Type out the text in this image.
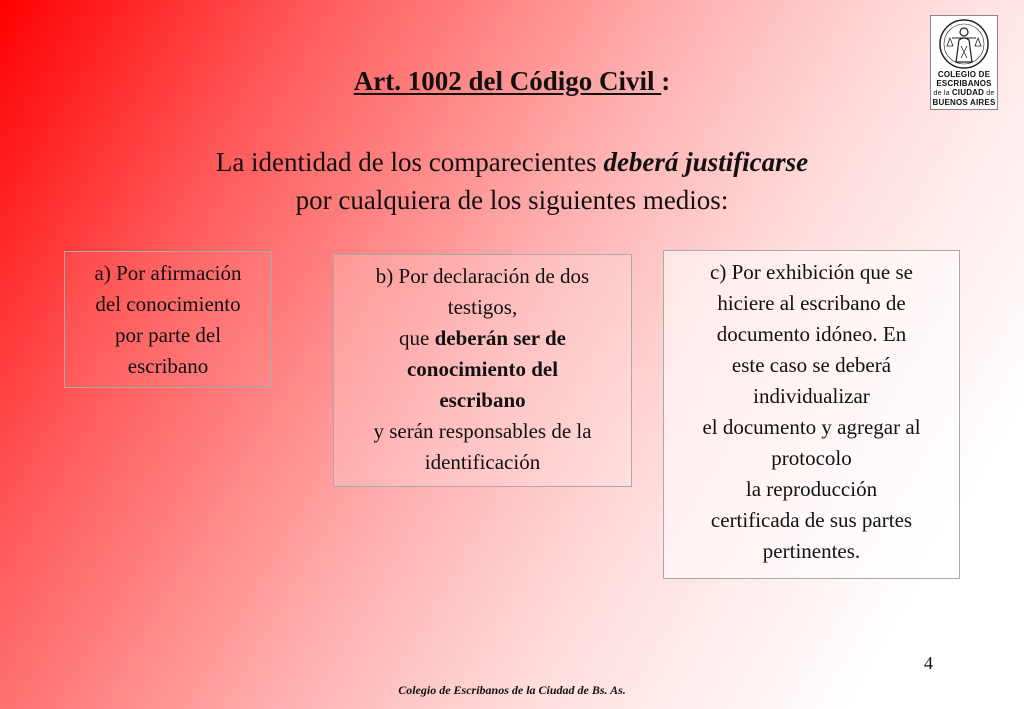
Art. 1002 del Código Civil :
La identidad de los comparecientes deberá justificarse
por cualquiera de los siguientes medios:
a) Por afirmación
del conocimiento
por parte del
escribano
b) Por declaración de dos
testigos,
que deberán ser de
conocimiento del
escribano
y serán responsables de la
identificación
c) Por exhibición que se
hiciere al escribano de
documento idóneo. En
este caso se deberá
individualizar
el documento y agregar al
protocolo
la reproducción
certificada de sus partes
pertinentes.
COLEGIO DE
ESCRIBANOS
de la CIUDAD de
BUENOS AIRES
4
Colegio de Escribanos de la Ciudad de Bs. As.
